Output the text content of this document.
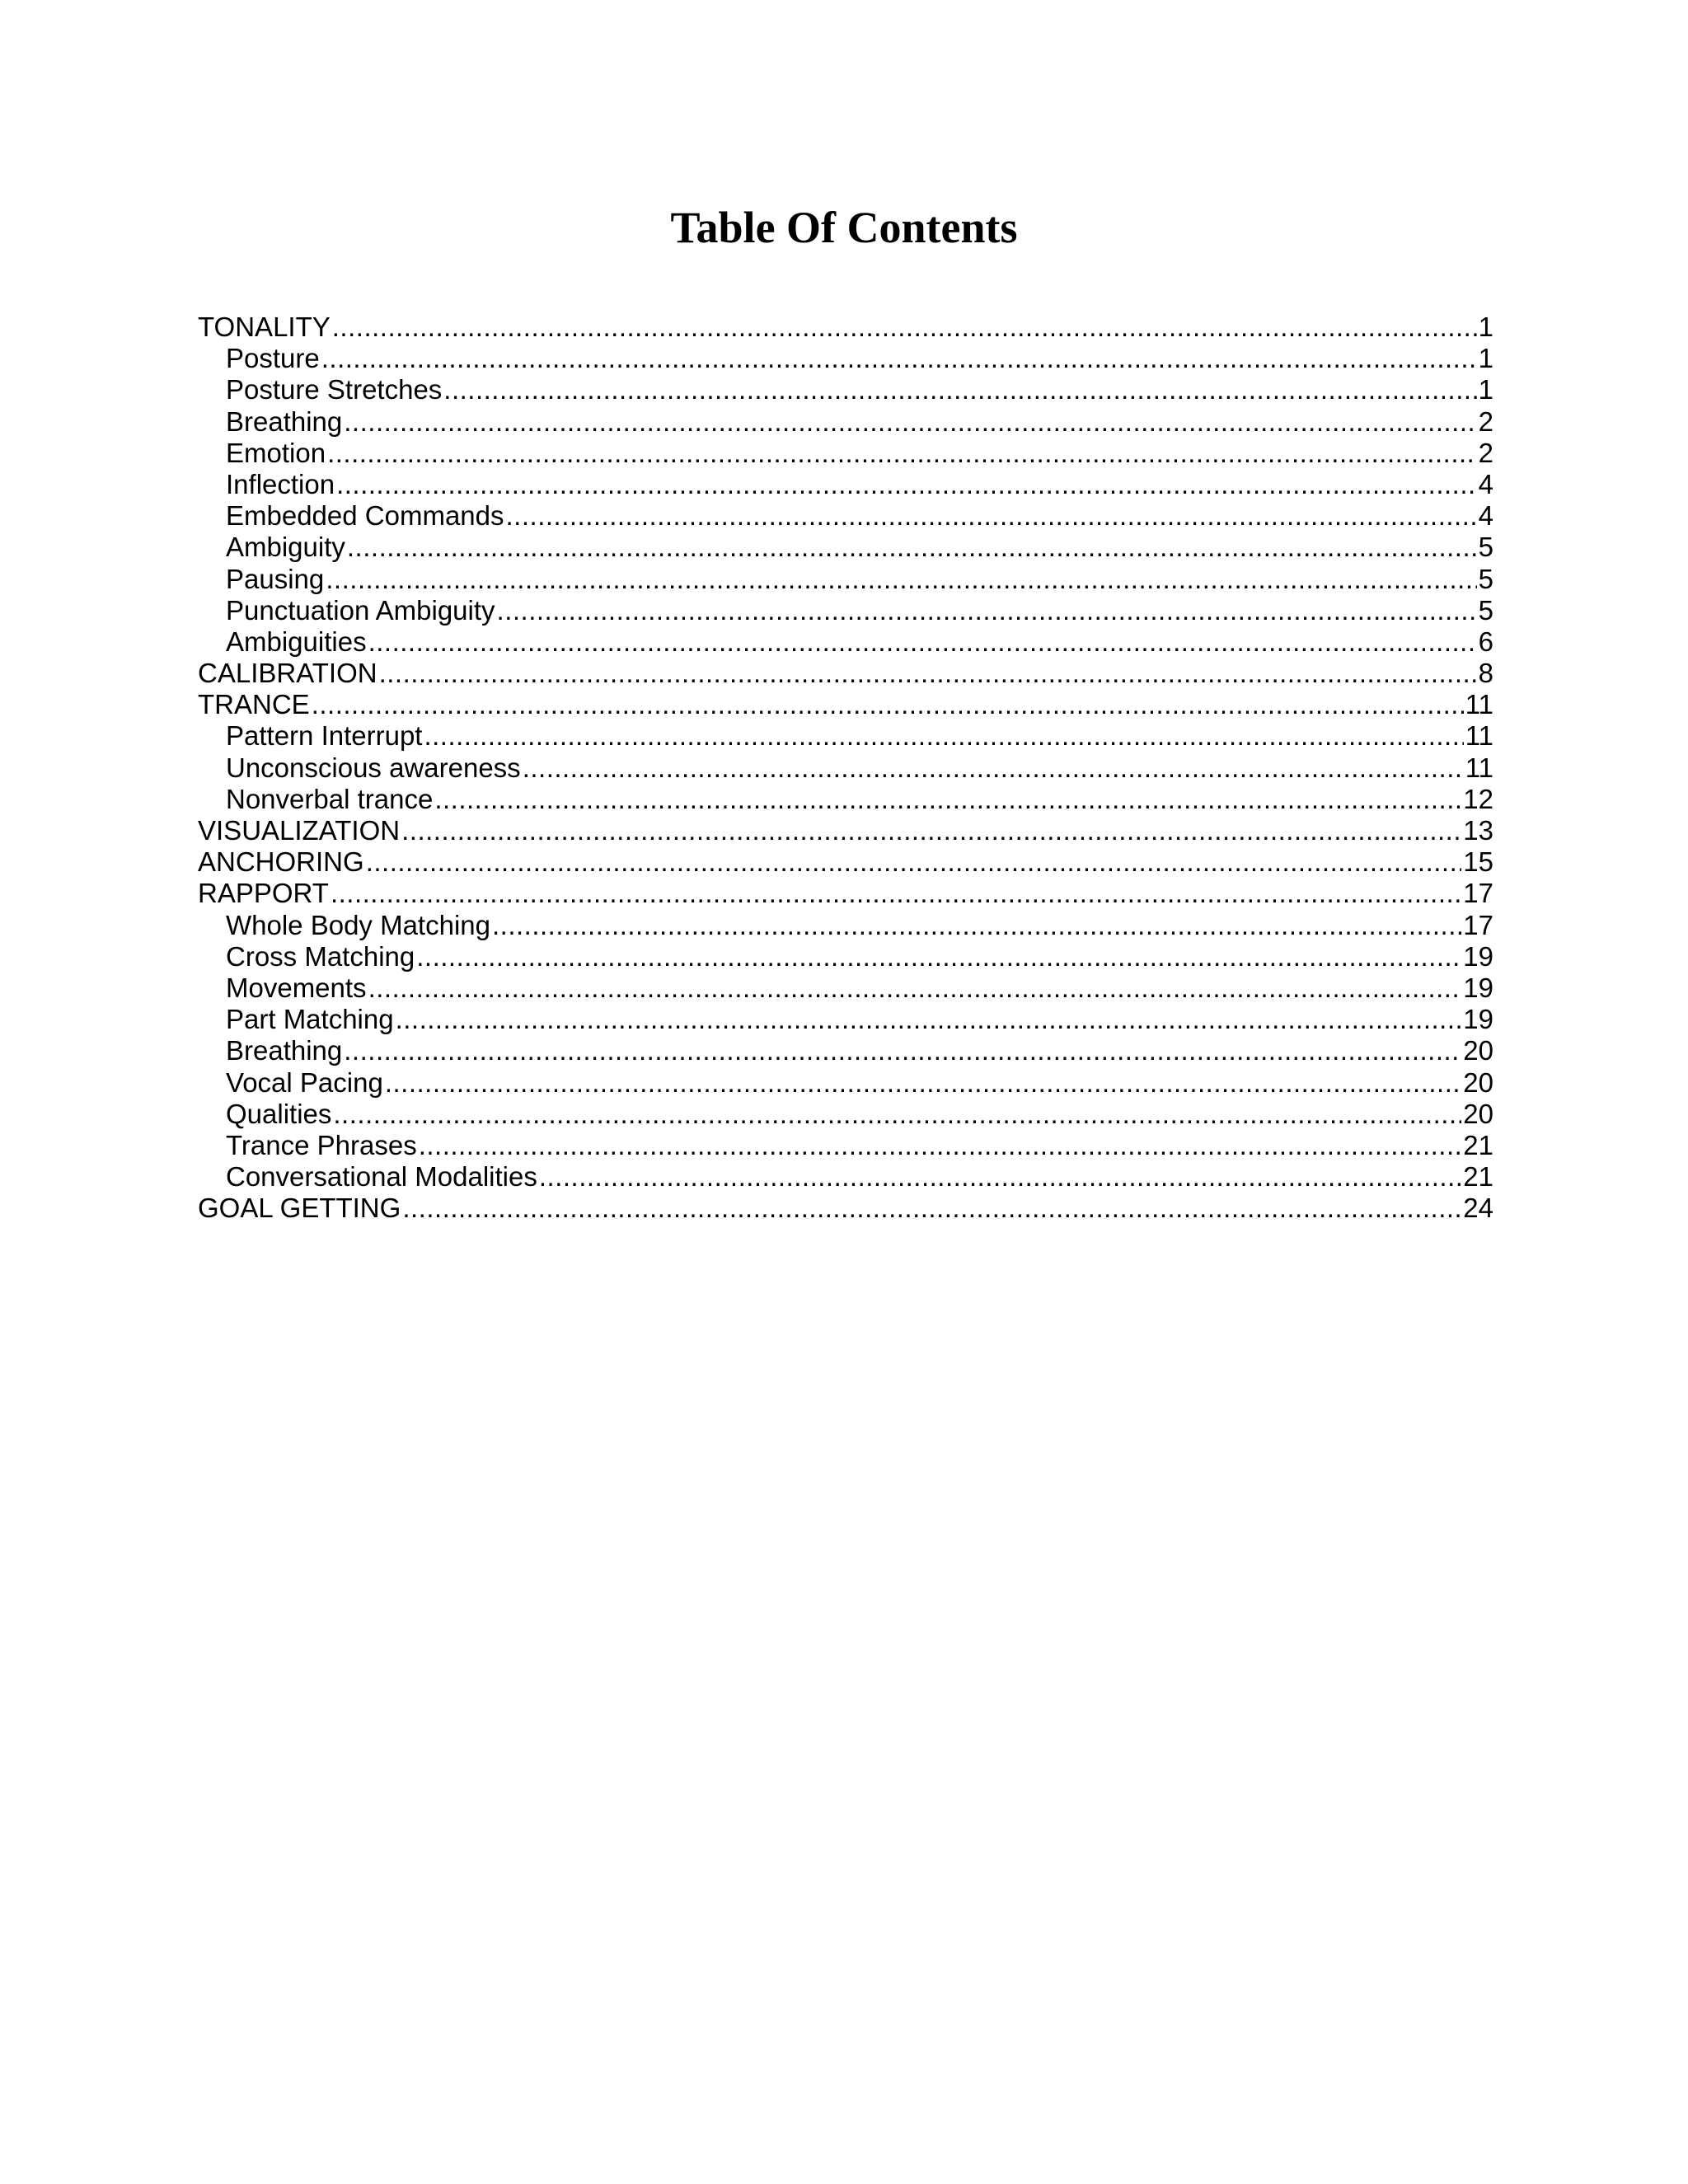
Table Of Contents
TONALITY .....	1
Posture .....	1
Posture Stretches .....	1
Breathing .....	2
Emotion .....	2
Inflection .....	4
Embedded Commands .....	4
Ambiguity .....	5
Pausing .....	5
Punctuation Ambiguity .....	5
Ambiguities .....	6
CALIBRATION .....	8
TRANCE .....	11
Pattern Interrupt .....	11
Unconscious awareness .....	11
Nonverbal trance .....	12
VISUALIZATION .....	13
ANCHORING .....	15
RAPPORT .....	17
Whole Body Matching .....	17
Cross Matching .....	19
Movements .....	19
Part Matching .....	19
Breathing .....	20
Vocal Pacing .....	20
Qualities .....	20
Trance Phrases .....	21
Conversational Modalities .....	21
GOAL GETTING .....	24
